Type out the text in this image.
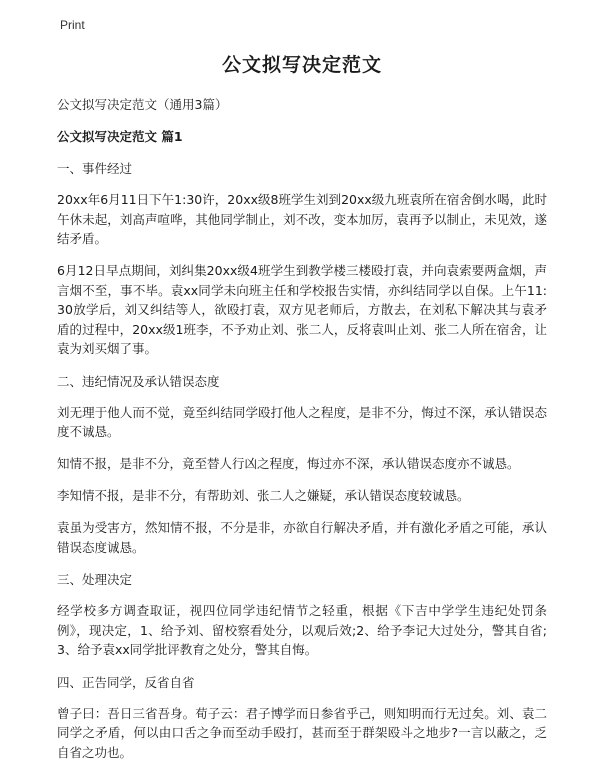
Print
公文拟写决定范文
公文拟写决定范文（通用3篇）
公文拟写决定范文 篇1
一、事件经过

20xx年6月11日下午1:30许，20xx级8班学生刘到20xx级九班袁所在宿舍倒水喝，此时午休未起，刘高声喧哗，其他同学制止，刘不改，变本加厉，袁再予以制止，未见效，遂结矛盾。

6月12日早点期间，刘纠集20xx级4班学生到教学楼三楼殴打袁，并向袁索要两盒烟，声言烟不至，事不毕。袁xx同学未向班主任和学校报告实情，亦纠结同学以自保。上午11:30放学后，刘又纠结等人，欲殴打袁，双方见老师后，方散去，在刘私下解决其与袁矛盾的过程中，20xx级1班李，不予劝止刘、张二人，反将袁叫止刘、张二人所在宿舍，让袁为刘买烟了事。

二、违纪情况及承认错误态度

刘无理于他人而不觉，竟至纠结同学殴打他人之程度，是非不分，悔过不深，承认错误态度不诚恳。

知情不报，是非不分，竟至替人行凶之程度，悔过亦不深，承认错误态度亦不诚恳。

李知情不报，是非不分，有帮助刘、张二人之嫌疑，承认错误态度较诚恳。

袁虽为受害方，然知情不报，不分是非，亦欲自行解决矛盾，并有激化矛盾之可能，承认错误态度诚恳。

三、处理决定

经学校多方调查取证，视四位同学违纪情节之轻重，根据《下吉中学学生违纪处罚条例》，现决定，1、给予刘、留校察看处分，以观后效;2、给予李记大过处分，警其自省;3、给予袁xx同学批评教育之处分，警其自悔。

四、正告同学，反省自省

曾子曰：吾日三省吾身。荀子云：君子博学而日参省乎己，则知明而行无过矣。刘、袁二同学之矛盾，何以由口舌之争而至动手殴打，甚而至于群架殴斗之地步?一言以蔽之，乏自省之功也。
